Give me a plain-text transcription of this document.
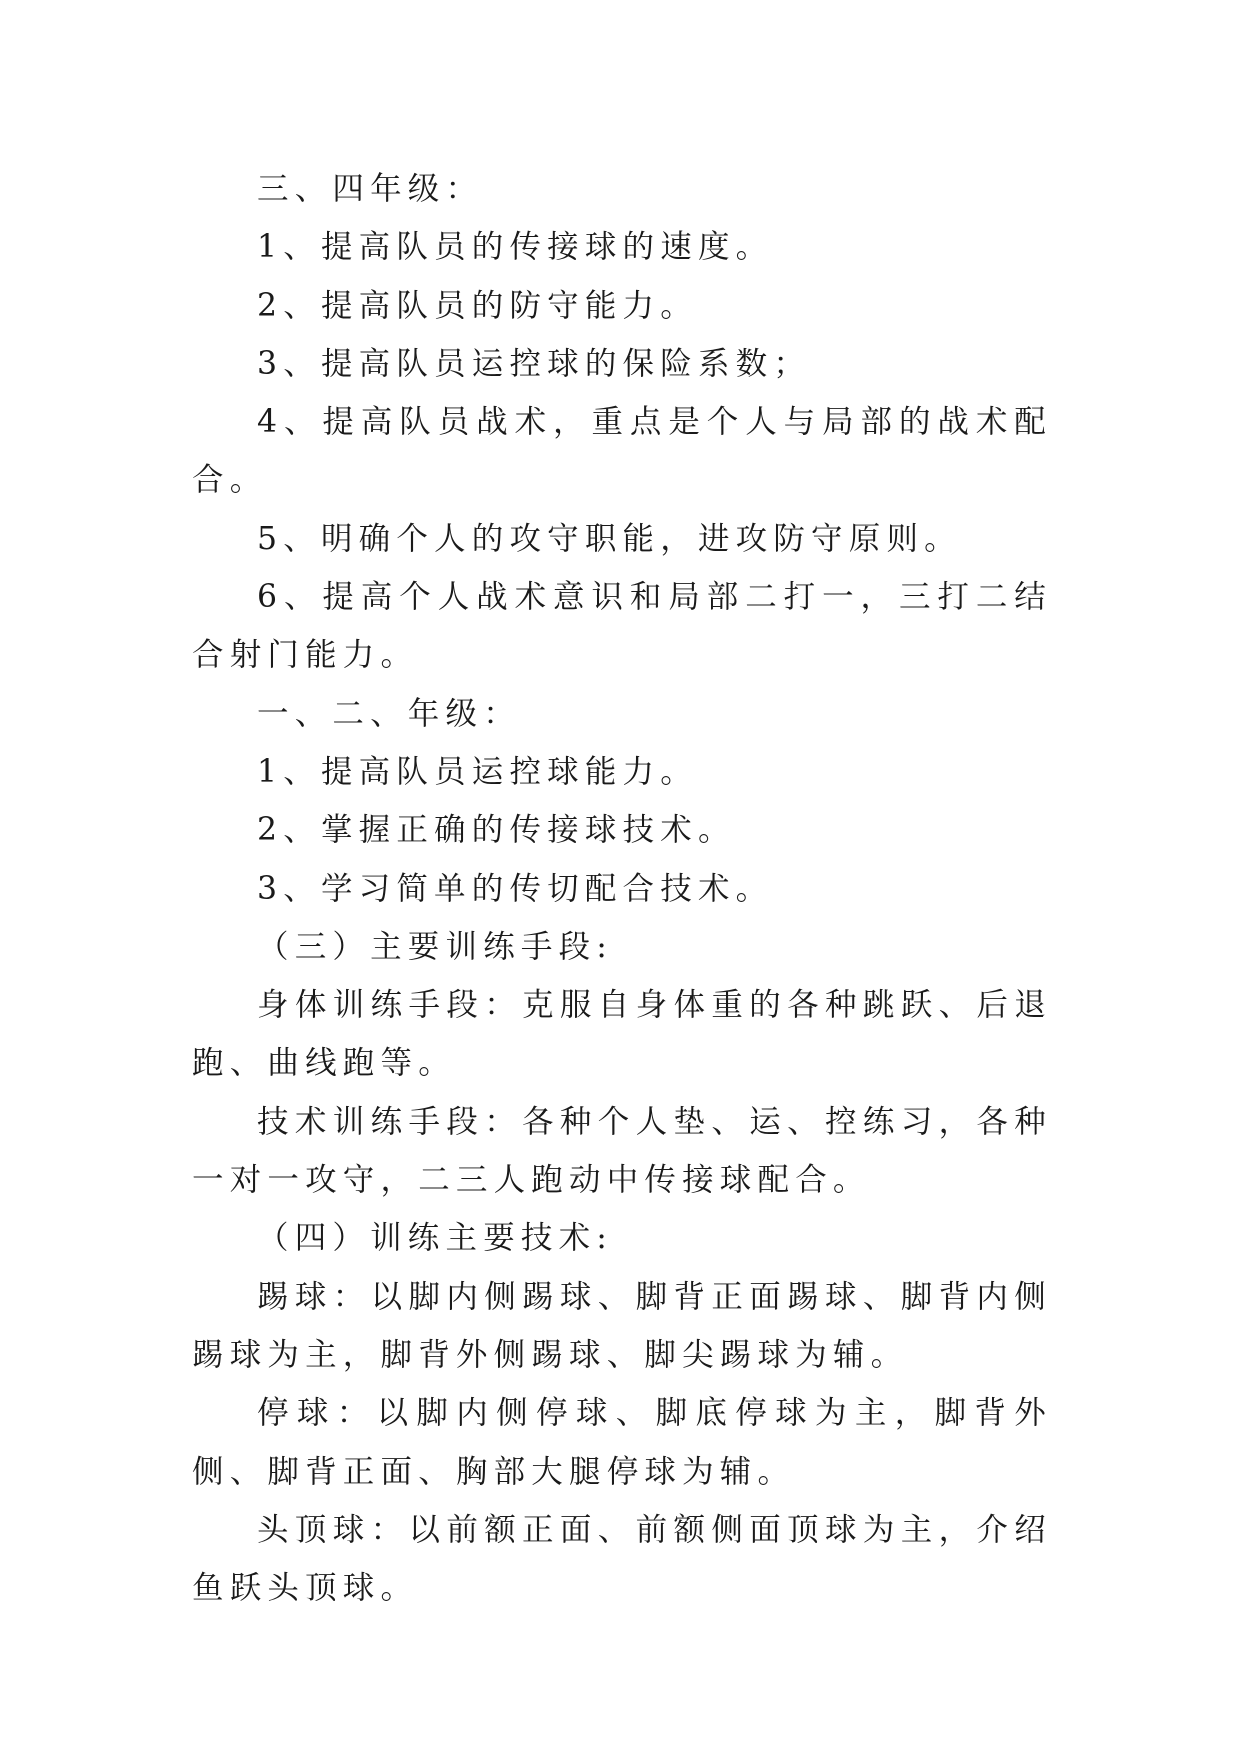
三、四年级：

1、提高队员的传接球的速度。

2、提高队员的防守能力。

3、提高队员运控球的保险系数；

4、提高队员战术，重点是个人与局部的战术配合。

5、明确个人的攻守职能，进攻防守原则。

6、提高个人战术意识和局部二打一，三打二结合射门能力。

一、二、年级：

1、提高队员运控球能力。

2、掌握正确的传接球技术。

3、学习简单的传切配合技术。

（三）主要训练手段:

身体训练手段：克服自身体重的各种跳跃、后退跑、曲线跑等。

技术训练手段：各种个人垫、运、控练习，各种一对一攻守，二三人跑动中传接球配合。

（四）训练主要技术:

踢球：以脚内侧踢球、脚背正面踢球、脚背内侧踢球为主，脚背外侧踢球、脚尖踢球为辅。

停球：以脚内侧停球、脚底停球为主，脚背外侧、脚背正面、胸部大腿停球为辅。

头顶球：以前额正面、前额侧面顶球为主，介绍鱼跃头顶球。
